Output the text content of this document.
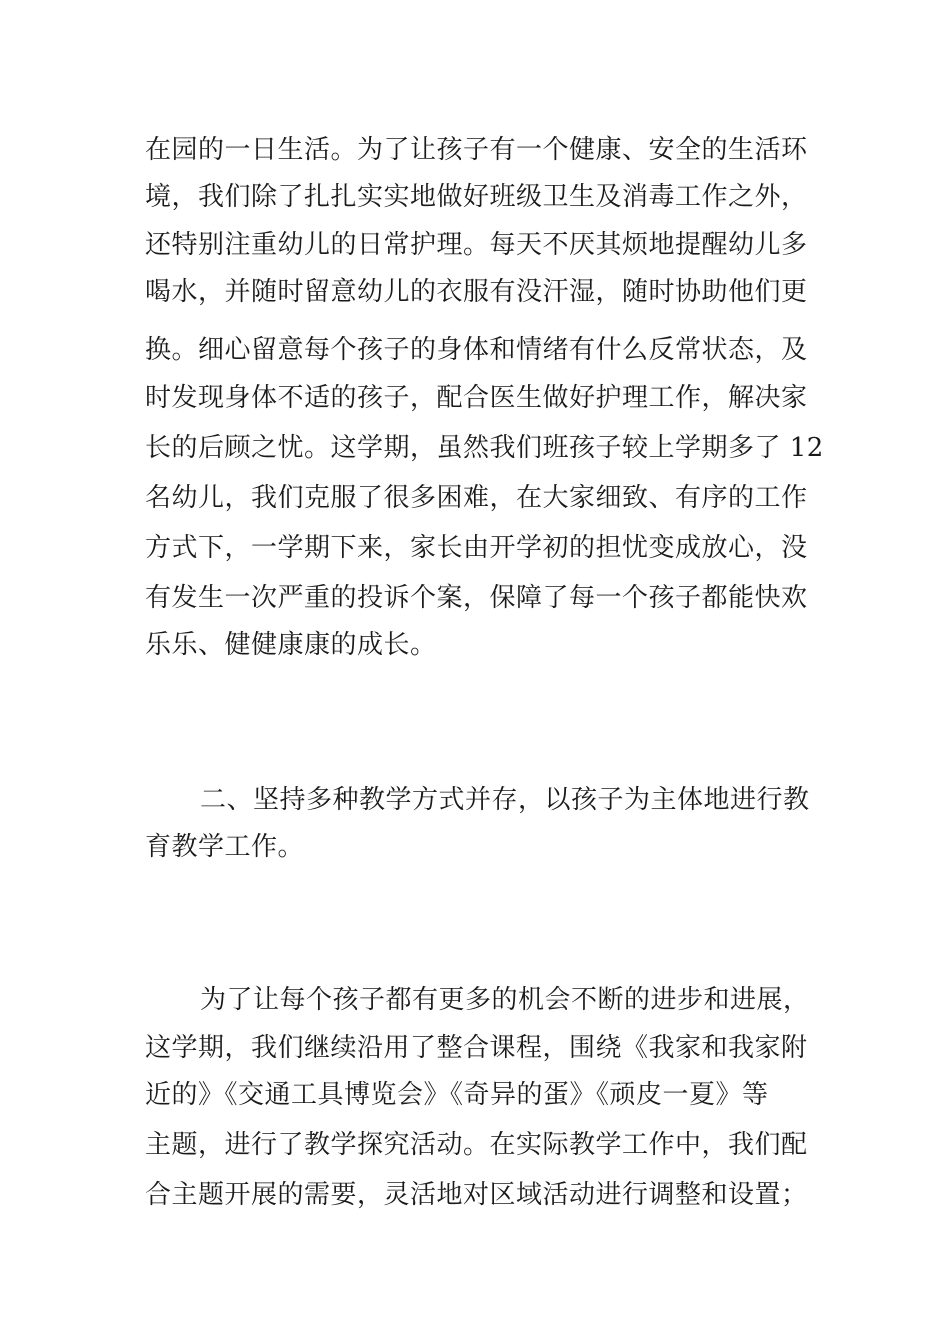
在园的一日生活。为了让孩子有一个健康、安全的生活环
境，我们除了扎扎实实地做好班级卫生及消毒工作之外，
还特别注重幼儿的日常护理。每天不厌其烦地提醒幼儿多
喝水，并随时留意幼儿的衣服有没汗湿，随时协助他们更
换。细心留意每个孩子的身体和情绪有什么反常状态，及
时发现身体不适的孩子，配合医生做好护理工作，解决家
长的后顾之忧。这学期，虽然我们班孩子较上学期多了 12
名幼儿，我们克服了很多困难，在大家细致、有序的工作
方式下，一学期下来，家长由开学初的担忧变成放心，没
有发生一次严重的投诉个案，保障了每一个孩子都能快欢
乐乐、健健康康的成长。
二、坚持多种教学方式并存，以孩子为主体地进行教
育教学工作。
为了让每个孩子都有更多的机会不断的进步和进展，
这学期，我们继续沿用了整合课程，围绕《我家和我家附
近的》《交通工具博览会》《奇异的蛋》《顽皮一夏》等
主题，进行了教学探究活动。在实际教学工作中，我们配
合主题开展的需要，灵活地对区域活动进行调整和设置；
